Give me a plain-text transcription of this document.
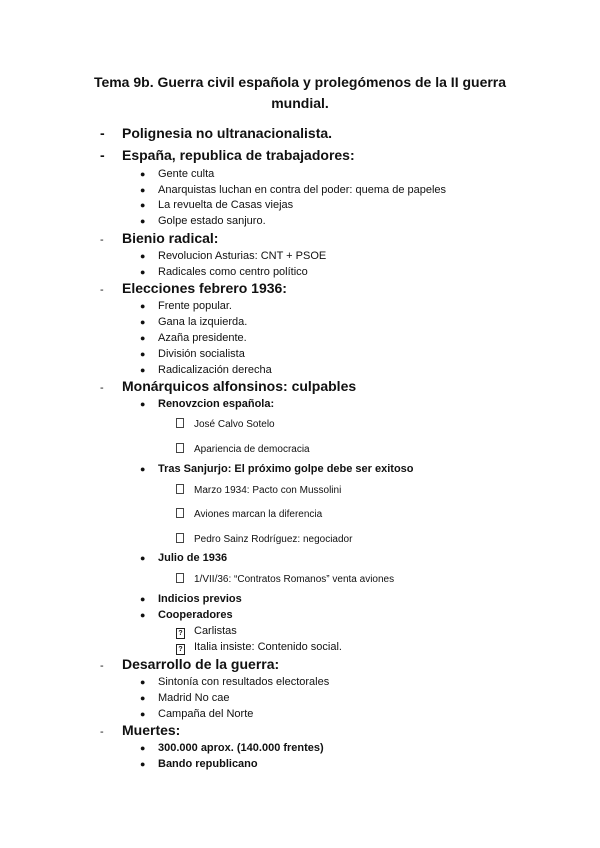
Tema 9b. Guerra civil española y prolegómenos de la II guerra
mundial.
- Polignesia no ultranacionalista.
- España, republica de trabajadores:
● Gente culta
● Anarquistas luchan en contra del poder: quema de papeles
● La revuelta de Casas viejas
● Golpe estado sanjuro.
- Bienio radical:
● Revolucion Asturias: CNT + PSOE
● Radicales como centro político
- Elecciones febrero 1936:
● Frente popular.
● Gana la izquierda.
● Azaña presidente.
● División socialista
● Radicalización derecha
- Monárquicos alfonsinos: culpables
● Renovzcion española:
José Calvo Sotelo
Apariencia de democracia
● Tras Sanjurjo: El próximo golpe debe ser exitoso
Marzo 1934: Pacto con Mussolini
Aviones marcan la diferencia
Pedro Sainz Rodríguez: negociador
● Julio de 1936
1/VII/36: “Contratos Romanos” venta aviones
● Indicios previos
● Cooperadores
? Carlistas
? Italia insiste: Contenido social.
- Desarrollo de la guerra:
● Sintonía con resultados electorales
● Madrid No cae
● Campaña del Norte
- Muertes:
● 300.000 aprox. (140.000 frentes)
● Bando republicano
